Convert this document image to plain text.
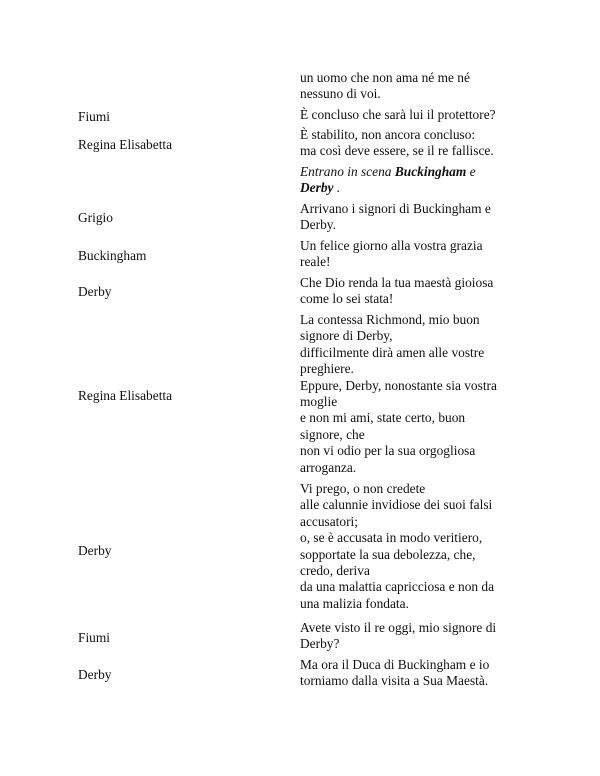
un uomo che non ama né me né
nessuno di voi.
Fiumi	È concluso che sarà lui il protettore?
Regina Elisabetta
È stabilito, non ancora concluso:
ma così deve essere, se il re fallisce.
Entrano in scena Buckingham e
Derby .
Grigio
Arrivano i signori di Buckingham e
Derby.
Buckingham
Un felice giorno alla vostra grazia
reale!
Derby
Che Dio renda la tua maestà gioiosa
come lo sei stata!
Regina Elisabetta
La contessa Richmond, mio buon
signore di Derby,
difficilmente dirà amen alle vostre
preghiere.
Eppure, Derby, nonostante sia vostra
moglie
e non mi ami, state certo, buon
signore, che
non vi odio per la sua orgogliosa
arroganza.
Derby
Vi prego, o non credete
alle calunnie invidiose dei suoi falsi
accusatori;
o, se è accusata in modo veritiero,
sopportate la sua debolezza, che,
credo, deriva
da una malattia capricciosa e non da
una malizia fondata.
Fiumi
Avete visto il re oggi, mio signore di
Derby?
Derby
Ma ora il Duca di Buckingham e io
torniamo dalla visita a Sua Maestà.
